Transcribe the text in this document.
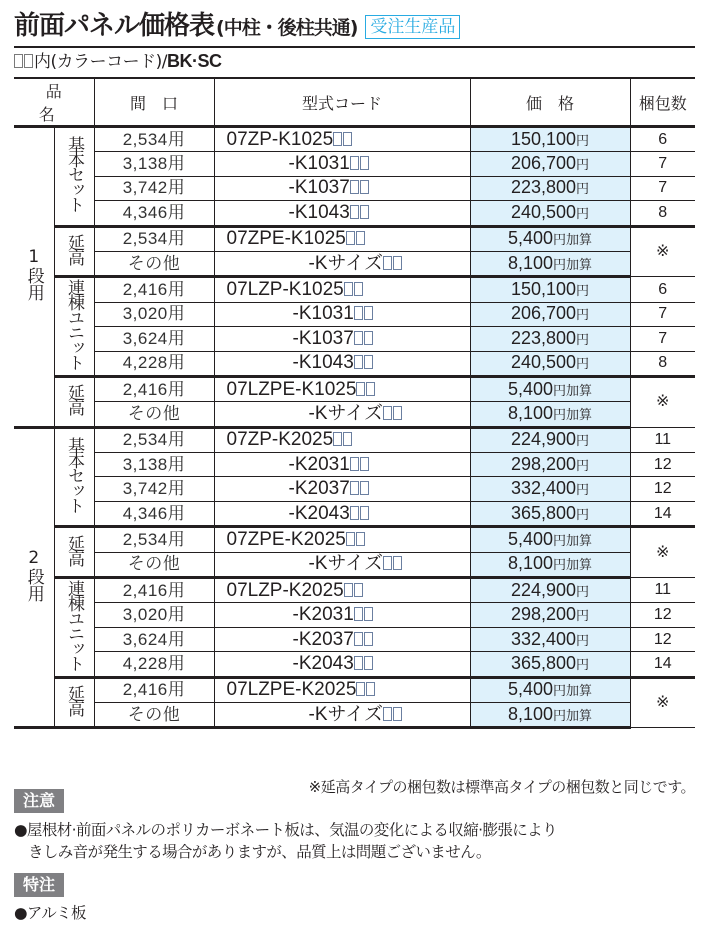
前面パネル価格表 (中柱・後柱共通) 受注生産品
内(カラーコード)/BK·SC
品 名		間　口	型式コード	価　格	梱包数
1段用	基本セット	2,534用	07ZP-K1025	150,100円	6
		3,138用	-K1031	206,700円	7
		3,742用	-K1037	223,800円	7
		4,346用	-K1043	240,500円	8
	延高	2,534用	07ZPE-K1025	5,400円加算	※
		その他	-Kサイズ	8,100円加算	
	連棟ユニット	2,416用	07LZP-K1025	150,100円	6
		3,020用	-K1031	206,700円	7
		3,624用	-K1037	223,800円	7
		4,228用	-K1043	240,500円	8
	延高	2,416用	07LZPE-K1025	5,400円加算	※
		その他	-Kサイズ	8,100円加算	
2段用	基本セット	2,534用	07ZP-K2025	224,900円	11
		3,138用	-K2031	298,200円	12
		3,742用	-K2037	332,400円	12
		4,346用	-K2043	365,800円	14
	延高	2,534用	07ZPE-K2025	5,400円加算	※
		その他	-Kサイズ	8,100円加算	
	連棟ユニット	2,416用	07LZP-K2025	224,900円	11
		3,020用	-K2031	298,200円	12
		3,624用	-K2037	332,400円	12
		4,228用	-K2043	365,800円	14
	延高	2,416用	07LZPE-K2025	5,400円加算	※
		その他	-Kサイズ	8,100円加算	
※延高タイプの梱包数は標準高タイプの梱包数と同じです。
注意
●屋根材·前面パネルのポリカーボネート板は、気温の変化による収縮·膨張により
きしみ音が発生する場合がありますが、品質上は問題ございません。
特注
●アルミ板
